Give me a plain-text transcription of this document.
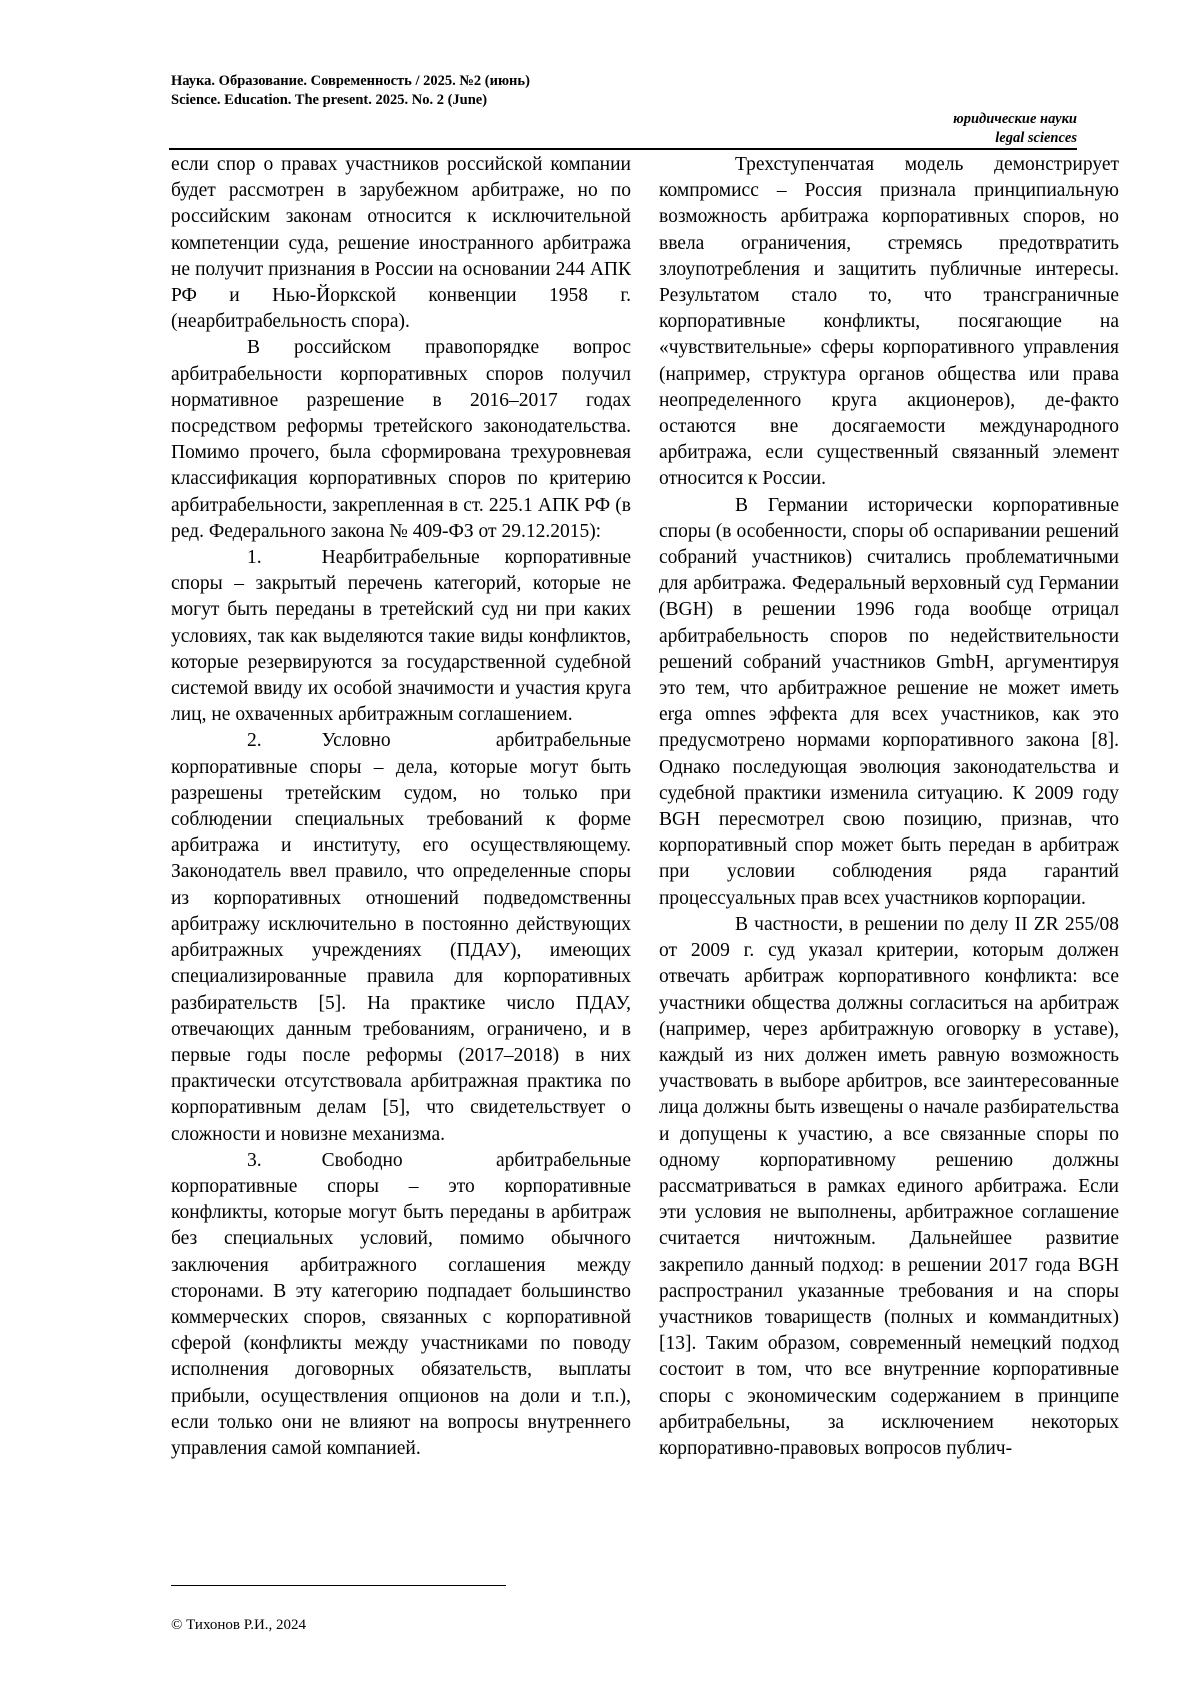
Наука. Образование. Современность / 2025. №2 (июнь)
Science. Education. The present. 2025. No. 2 (June)
юридические науки
legal sciences

если спор о правах участников российской компании будет рассмотрен в зарубежном арбитраже, но по российским законам относится к исключительной компетенции суда, решение иностранного арбитража не получит признания в России на основании 244 АПК РФ и Нью-Йоркской конвенции 1958 г. (неарбитрабельность спора).

В российском правопорядке вопрос арбитрабельности корпоративных споров получил нормативное разрешение в 2016–2017 годах посредством реформы третейского законодательства. Помимо прочего, была сформирована трехуровневая классификация корпоративных споров по критерию арбитрабельности, закрепленная в ст. 225.1 АПК РФ (в ред. Федерального закона № 409-ФЗ от 29.12.2015):

1.	Неарбитрабельные корпоративные споры – закрытый перечень категорий, которые не могут быть переданы в третейский суд ни при каких условиях, так как выделяются такие виды конфликтов, которые резервируются за государственной судебной системой ввиду их особой значимости и участия круга лиц, не охваченных арбитражным соглашением.

2.	Условно арбитрабельные корпоративные споры – дела, которые могут быть разрешены третейским судом, но только при соблюдении специальных требований к форме арбитража и институту, его осуществляющему. Законодатель ввел правило, что определенные споры из корпоративных отношений подведомственны арбитражу исключительно в постоянно действующих арбитражных учреждениях (ПДАУ), имеющих специализированные правила для корпоративных разбирательств [5]. На практике число ПДАУ, отвечающих данным требованиям, ограничено, и в первые годы после реформы (2017–2018) в них практически отсутствовала арбитражная практика по корпоративным делам [5], что свидетельствует о сложности и новизне механизма.

3.	Свободно арбитрабельные корпоративные споры – это корпоративные конфликты, которые могут быть переданы в арбитраж без специальных условий, помимо обычного заключения арбитражного соглашения между сторонами. В эту категорию подпадает большинство коммерческих споров, связанных с корпоративной сферой (конфликты между участниками по поводу исполнения договорных обязательств, выплаты прибыли, осуществления опционов на доли и т.п.), если только они не влияют на вопросы внутреннего управления самой компанией.

Трехступенчатая модель демонстрирует компромисс – Россия признала принципиальную возможность арбитража корпоративных споров, но ввела ограничения, стремясь предотвратить злоупотребления и защитить публичные интересы. Результатом стало то, что трансграничные корпоративные конфликты, посягающие на «чувствительные» сферы корпоративного управления (например, структура органов общества или права неопределенного круга акционеров), де-факто остаются вне досягаемости международного арбитража, если существенный связанный элемент относится к России.

В Германии исторически корпоративные споры (в особенности, споры об оспаривании решений собраний участников) считались проблематичными для арбитража. Федеральный верховный суд Германии (BGH) в решении 1996 года вообще отрицал арбитрабельность споров по недействительности решений собраний участников GmbH, аргументируя это тем, что арбитражное решение не может иметь erga omnes эффекта для всех участников, как это предусмотрено нормами корпоративного закона [8]. Однако последующая эволюция законодательства и судебной практики изменила ситуацию. К 2009 году BGH пересмотрел свою позицию, признав, что корпоративный спор может быть передан в арбитраж при условии соблюдения ряда гарантий процессуальных прав всех участников корпорации.

В частности, в решении по делу II ZR 255/08 от 2009 г. суд указал критерии, которым должен отвечать арбитраж корпоративного конфликта: все участники общества должны согласиться на арбитраж (например, через арбитражную оговорку в уставе), каждый из них должен иметь равную возможность участвовать в выборе арбитров, все заинтересованные лица должны быть извещены о начале разбирательства и допущены к участию, а все связанные споры по одному корпоративному решению должны рассматриваться в рамках единого арбитража. Если эти условия не выполнены, арбитражное соглашение считается ничтожным. Дальнейшее развитие закрепило данный подход: в решении 2017 года BGH распространил указанные требования и на споры участников товариществ (полных и коммандитных) [13]. Таким образом, современный немецкий подход состоит в том, что все внутренние корпоративные споры с экономическим содержанием в принципе арбитрабельны, за исключением некоторых корпоративно-правовых вопросов публич-

© Тихонов Р.И., 2024
